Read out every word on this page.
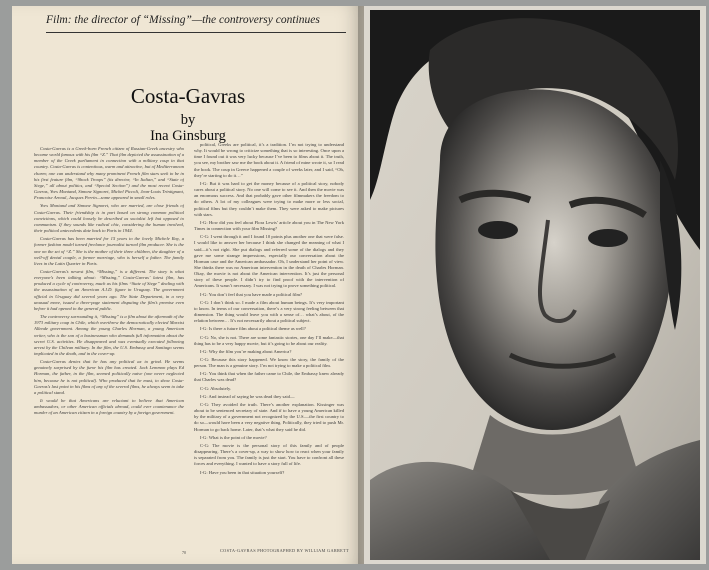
Film: the director of “Missing”—the controversy continues
Costa-Gavras
by
Ina Ginsburg

Costa-Gavras is a Greek-born French citizen of Russian-Greek ancestry who became world famous with his film “Z.” That film depicted the assassination of a member of the Greek parliament in connection with a military coup in that country. Costa-Gavras is contentious, warm and attractive, but of Mediterranean charm; one can understand why many prominent French film stars seek to be in his first feature film, “Shock Troops” (its director, “In Italian,” and “State of Siege,” all about politics, and “Special Section”) and the most recent Costa-Gavras, Yves Montand, Simone Signoret, Michel Piccoli, Jean-Louis Trintignant, Francoise Arnoul, Jacques Perrin—some appeared in small roles.

Yves Montand and Simone Signoret, who are married, are close friends of Costa-Gavras. Their friendship is in part based on strong common political convictions, which could loosely be described as socialist left but opposed to communism. If they sounds like radical chic, considering the human involved, their political antecedents date back to Paris in 1944.

Costa-Gavras has been married for 15 years to the lovely Michele Ray, a former fashion model turned freelance journalist turned film producer. She is the one on the set of “Z.” She is the mother of their three children, the daughter of a well-off dental couple, a former marriage, who is herself a father. The family lives in the Latin Quarter in Paris.

Costa-Gavras’s newest film, “Missing,” is a different. The story is what everyone’s been talking about: “Missing,” Costa-Gavras’ latest film, has produced a cycle of controversy, much as his films “State of Siege” dealing with the assassination of an American A.I.D. figure in Uruguay. The government official in Uruguay did several years ago. The State Department, in a very unusual move, issued a three-page statement disputing the film’s premise even before it had opened to the general public.

The controversy surrounding it, “Missing” is a film about the aftermath of the 1973 military coup in Chile, which overthrew the democratically elected Marxist Allende government. Among the young Charles Horman, a young American writer, who is the son of a businessman who demands full information about the secret U.S. activities. He disappeared and was eventually executed following arrest by the Chilean military. In the film, the U.S. Embassy and Santiago seems implicated in the death, and in the cover-up.

Costa-Gavras denies that he has any political ax to grind. He seems genuinely surprised by the furor his film has created. Jack Lemmon plays Ed Horman, the father, in the film, seemed politically naive (one never neglected him, because he is not political). Who produced that he must, to show Costa-Gavras’s last point in his films of any of the several films, he always seem to take a political stand.

It would be that Americans are reluctant to believe that American ambassadors, or other American officials abroad, could ever countenance the murder of an American citizen in a foreign country by a foreign government.

political, Greeks are political, it’s a tradition. I’m not trying to understand why. It would be wrong to criticize something that is so interesting. Once upon a time I found out it was very lucky because I’ve been to films about it. The truth, you see, my brother saw me the book about it. A friend of mine wrote it, so I read the book. The coup in Greece happened a couple of weeks later, and I said, “Oh, they’re starting to do it…”

I-G: But it was hard to get the money because of a political story, nobody cares about a political story. No one will come to see it. And then the movie was an enormous success. And that probably gave other filmmakers the freedom to do others. A lot of my colleagues were trying to make more or less social, political films but they couldn’t make them. They were asked to make pictures with stars.

I-G: How did you feel about Flora Lewis’ article about you in The New York Times in connection with your film Missing?

C-G: I went through it and I found 10 points plus another one that were false. I would like to answer her because I think she changed the meaning of what I said—it’s not right. She put dialogs and referred some of the dialogs and they gave me some strange impressions, especially our conversation about the Horman case and the American ambassador. Oh, I understand her point of view. She thinks there was no American intervention in the death of Charles Horman. Okay, the movie is not about the American intervention. It’s just the personal story of these people. I didn’t try to find proof with the intervention of Americans. It wasn’t necessary. I was not trying to prove something political.

I-G: You don’t feel that you have made a political film?

C-G: I don’t think so. I made a film about human beings. It’s very important to know. In terms of our conversation, there’s a very strong feeling between that dimension. The thing would leave you with a sense of… what’s about, of the relation between… It’s not necessarily about a political subject.

I-G: Is there a future film about a political theme as well?

C-G: No, she is not. There are some fantastic stories, one day I’ll make—that thing has to be a very happy movie, but it’s going to be about our reality.

I-G: Why the film you’re making about America?

C-G: Because this story happened. We know the story, the family of the person. The man is a genuine story. I’m not trying to make a political film.

I-G: You think that when the father came to Chile, the Embassy knew already that Charles was dead?

C-G: Absolutely.

I-G: And instead of saying he was dead they said—

C-G: They avoided the truth. There’s another explanation. Kissinger was about to be sentenced secretary of state. And if to have a young American killed by the military of a government not recognized by the U.S.—the first country to do so—would have been a very negative thing. Politically, they tried to push Mr. Horman to go back home. Later, that’s what they said he did.

I-G: What is the point of the movie?

C-G: The movie is the personal story of this family and of people disappearing. There’s a cover-up, a way to show how to react when your family is separated from you. The family is just the start. You have to confront all these forces and everything. I wanted to have a story full of life.

I-G: Have you been in that situation yourself?

70	COSTA-GAVRAS PHOTOGRAPHED BY WILLIAM GARRETT
